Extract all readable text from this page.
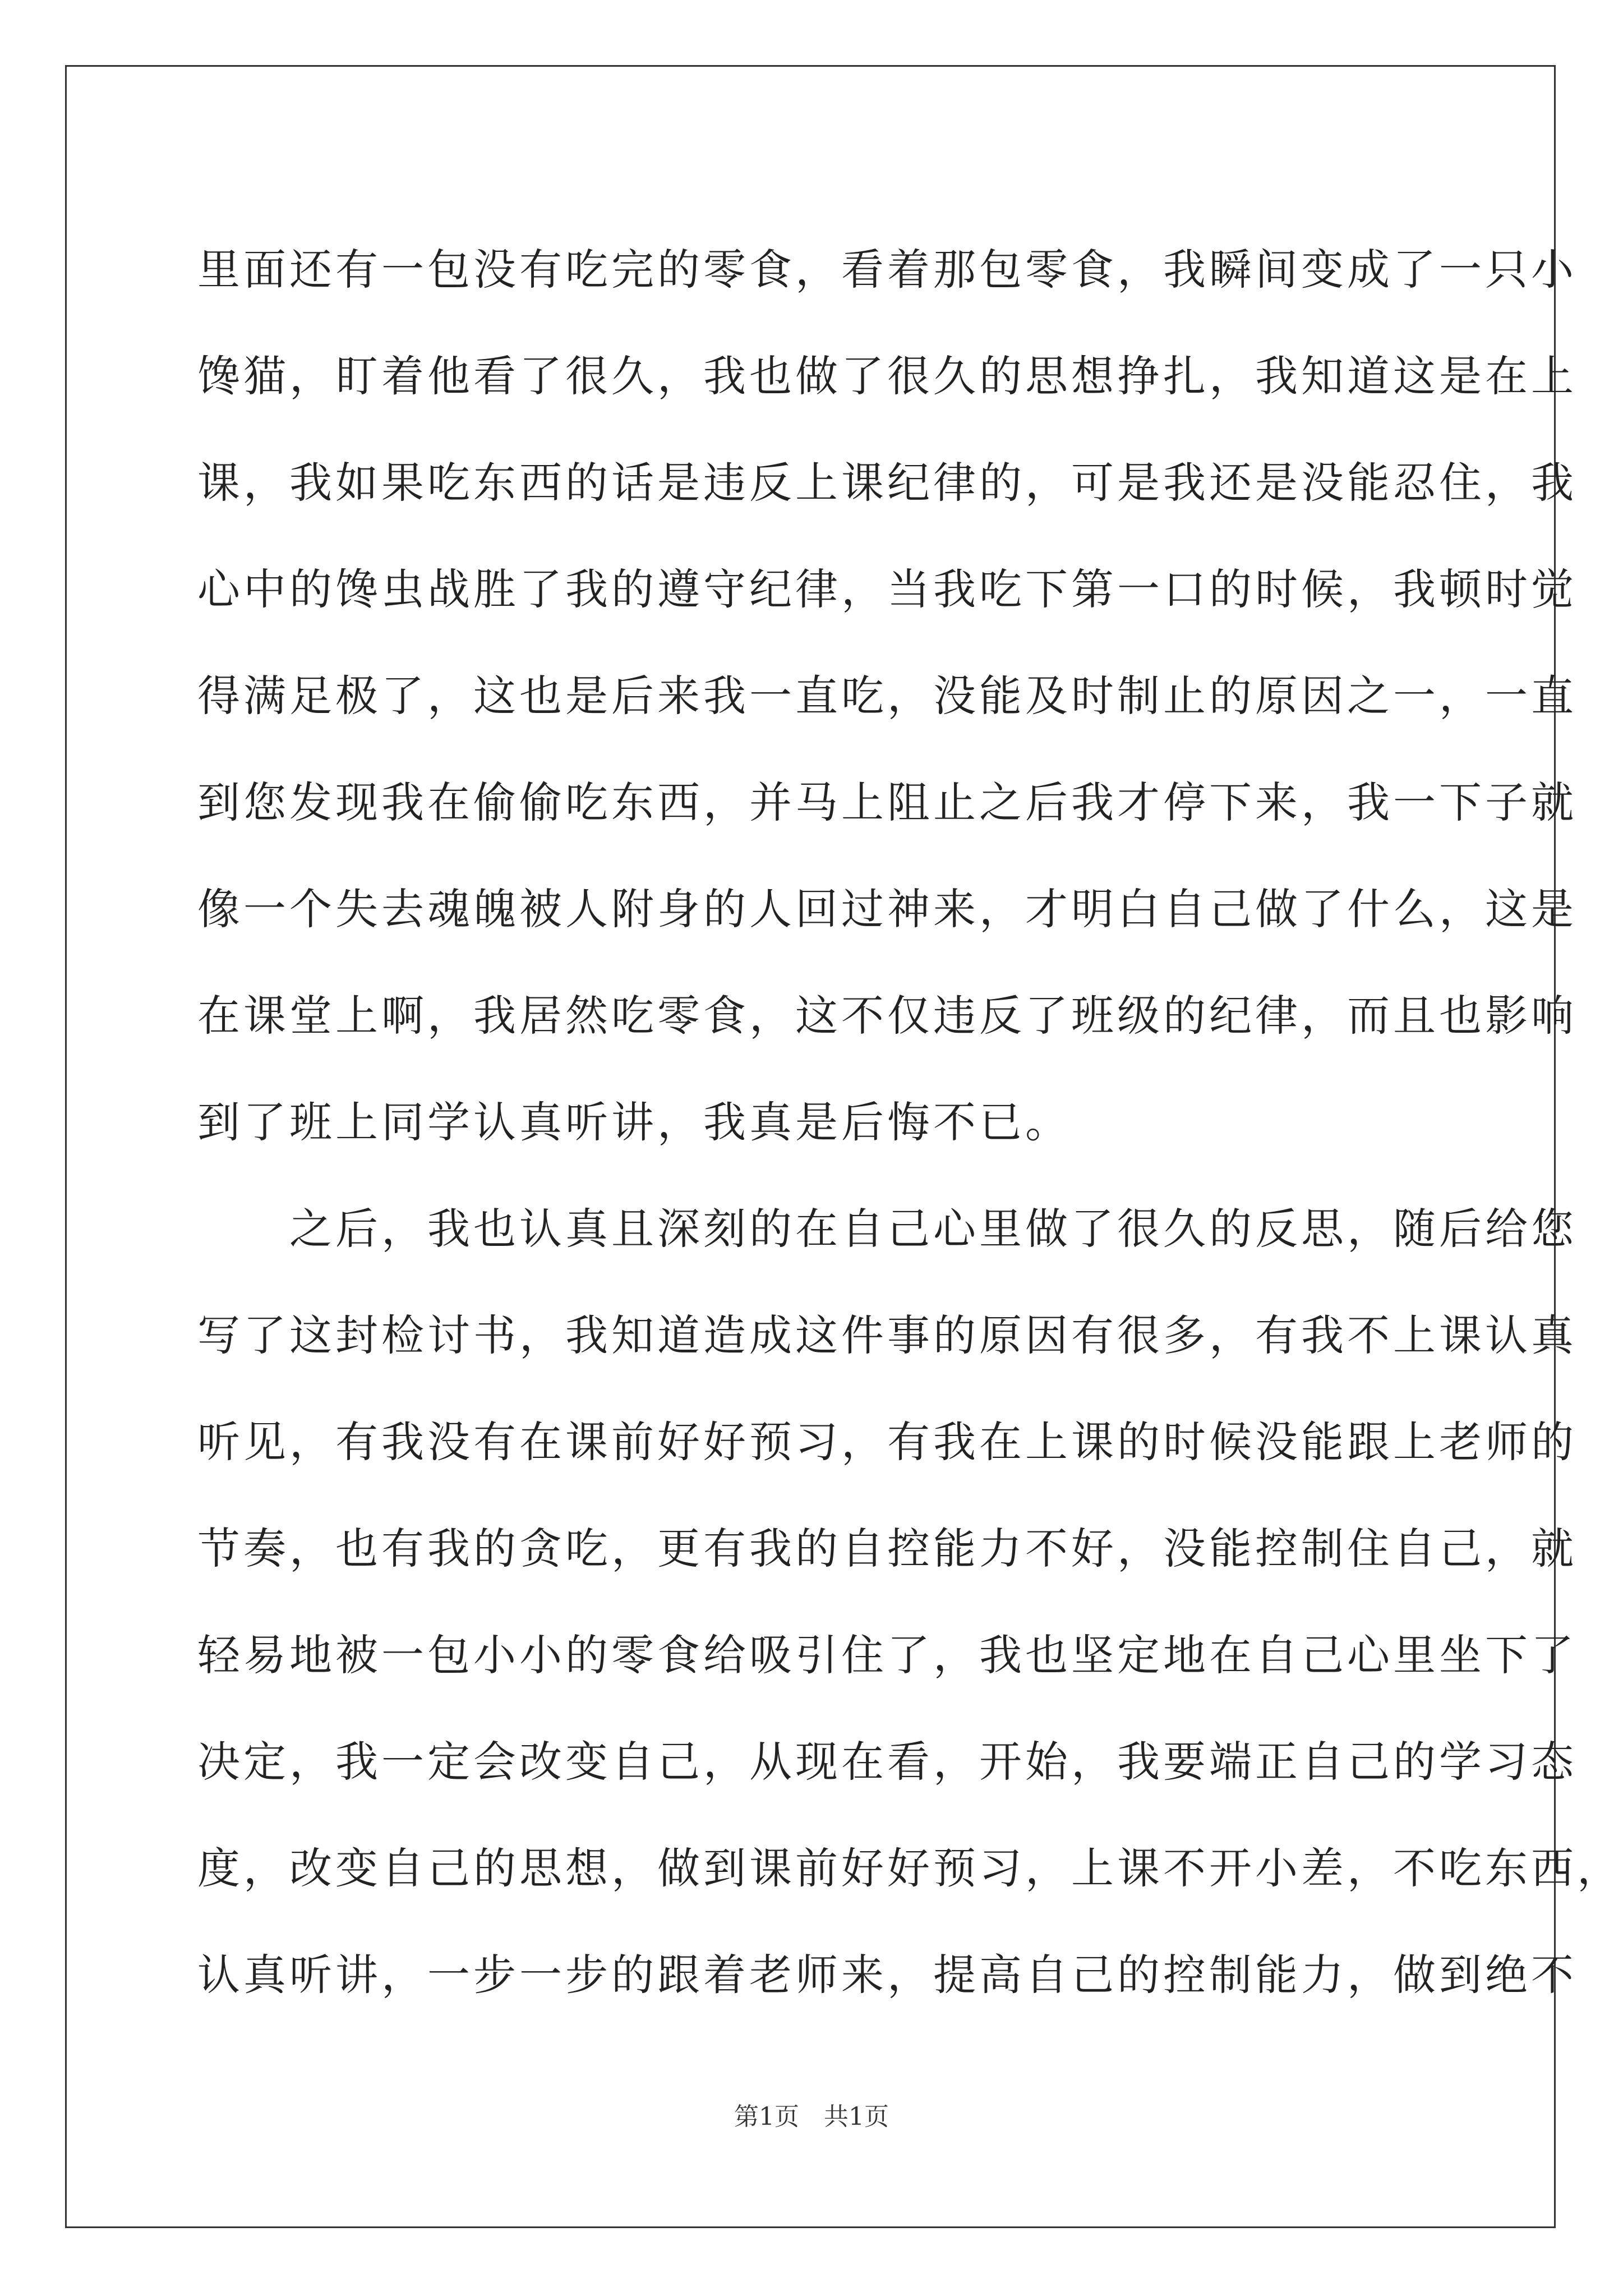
里面还有一包没有吃完的零食，看着那包零食，我瞬间变成了一只小
馋猫，盯着他看了很久，我也做了很久的思想挣扎，我知道这是在上
课，我如果吃东西的话是违反上课纪律的，可是我还是没能忍住，我
心中的馋虫战胜了我的遵守纪律，当我吃下第一口的时候，我顿时觉
得满足极了，这也是后来我一直吃，没能及时制止的原因之一，一直
到您发现我在偷偷吃东西，并马上阻止之后我才停下来，我一下子就
像一个失去魂魄被人附身的人回过神来，才明白自己做了什么，这是
在课堂上啊，我居然吃零食，这不仅违反了班级的纪律，而且也影响
到了班上同学认真听讲，我真是后悔不已。
　　之后，我也认真且深刻的在自己心里做了很久的反思，随后给您
写了这封检讨书，我知道造成这件事的原因有很多，有我不上课认真
听见，有我没有在课前好好预习，有我在上课的时候没能跟上老师的
节奏，也有我的贪吃，更有我的自控能力不好，没能控制住自己，就
轻易地被一包小小的零食给吸引住了，我也坚定地在自己心里坐下了
决定，我一定会改变自己，从现在看，开始，我要端正自己的学习态
度，改变自己的思想，做到课前好好预习，上课不开小差，不吃东西，
认真听讲，一步一步的跟着老师来，提高自己的控制能力，做到绝不
第1页　共1页
